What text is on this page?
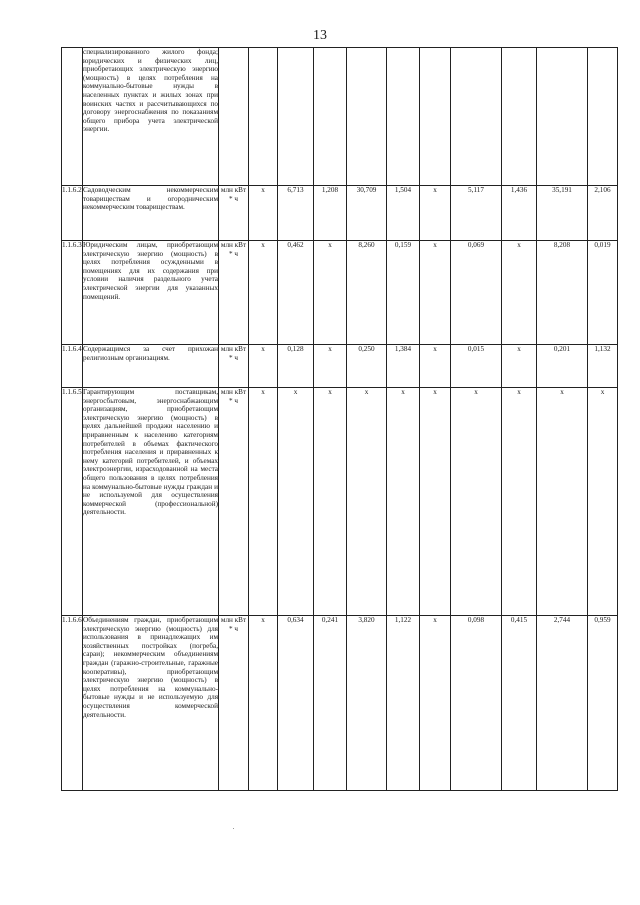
13
	специализированного жилого фонда; юридических и физических лиц, приобретающих электрическую энергию (мощность) в целях потребления на коммунально-бытовые нужды в населенных пунктах и жилых зонах при воинских частях и рассчитывающихся по договору энергоснабжения по показаниям общего прибора учета электрической энергии.											
1.1.6.2	Садоводческим некоммерческим товариществам и огородническим некоммерческим товариществам.	млн кВт * ч	x	6,713	1,208	30,709	1,504	x	5,117	1,436	35,191	2,106
1.1.6.3	Юридическим лицам, приобретающим электрическую энергию (мощность) в целях потребления осужденными в помещениях для их содержания при условии наличия раздельного учета электрической энергии для указанных помещений.	млн кВт * ч	x	0,462	x	8,260	0,159	x	0,069	x	8,208	0,019
1.1.6.4	Содержащимся за счет прихожан религиозным организациям.	млн кВт * ч	x	0,128	x	0,250	1,384	x	0,015	x	0,201	1,132
1.1.6.5	Гарантирующим поставщикам, энергосбытовым, энергоснабжающим организациям, приобретающим электрическую энергию (мощность) в целях дальнейшей продажи населению и приравненным к населению категориям потребителей в объемах фактического потребления населения и приравненных к нему категорий потребителей, и объемах электроэнергии, израсходованной на места общего пользования в целях потребления на коммунально-бытовые нужды граждан и не используемой для осуществления коммерческой (профессиональной) деятельности.	млн кВт * ч	x	x	x	x	x	x	x	x	x	x
1.1.6.6	Объединениям граждан, приобретающим электрическую энергию (мощность) для использования в принадлежащих им хозяйственных постройках (погреба, сараи); некоммерческим объединениям граждан (гаражно-строительные, гаражные кооперативы), приобретающим электрическую энергию (мощность) в целях потребления на коммунально-бытовые нужды и не используемую для осуществления коммерческой деятельности.	млн кВт * ч	x	0,634	0,241	3,820	1,122	x	0,098	0,415	2,744	0,959
